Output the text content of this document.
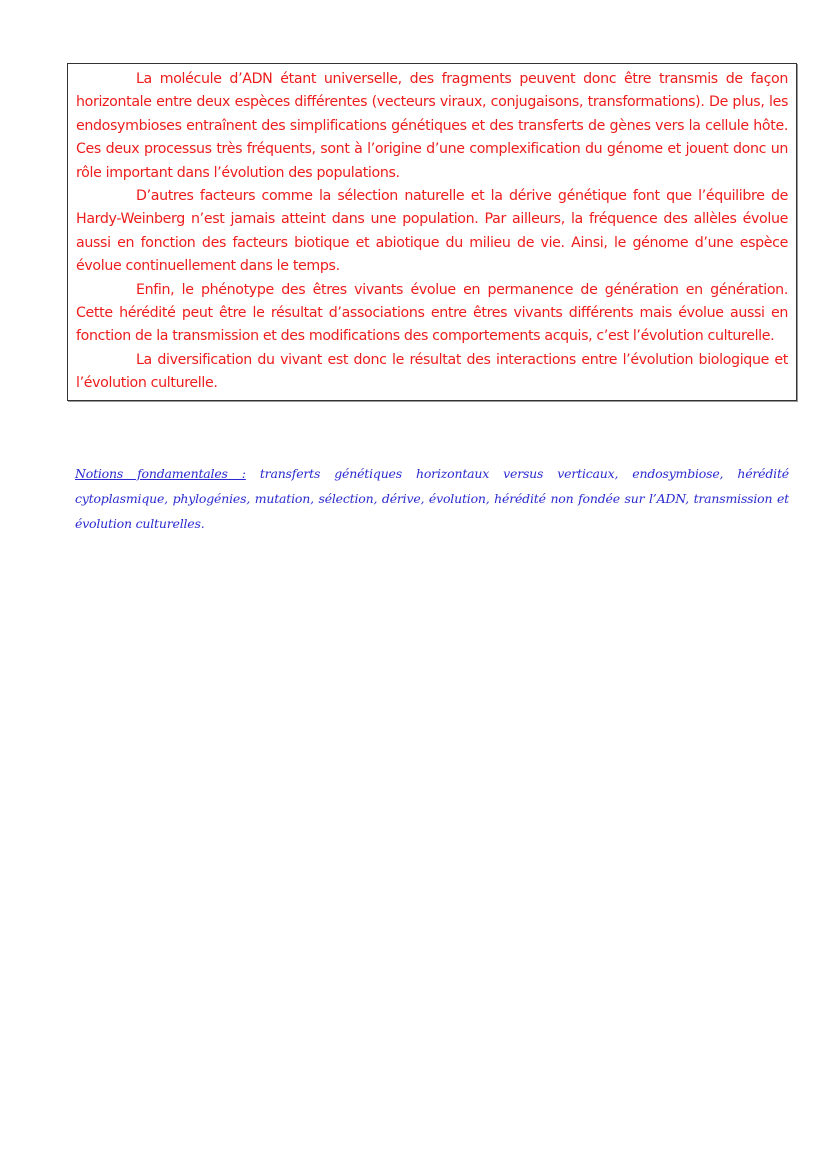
La molécule d’ADN étant universelle, des fragments peuvent donc être transmis de façon horizontale entre deux espèces différentes (vecteurs viraux, conjugaisons, transformations). De plus, les endosymbioses entraînent des simplifications génétiques et des transferts de gènes vers la cellule hôte. Ces deux processus très fréquents, sont à l’origine d’une complexification du génome et jouent donc un rôle important dans l’évolution des populations.

D’autres facteurs comme la sélection naturelle et la dérive génétique font que l’équilibre de Hardy-Weinberg n’est jamais atteint dans une population. Par ailleurs, la fréquence des allèles évolue aussi en fonction des facteurs biotique et abiotique du milieu de vie. Ainsi, le génome d’une espèce évolue continuellement dans le temps.

Enfin, le phénotype des êtres vivants évolue en permanence de génération en génération. Cette hérédité peut être le résultat d’associations entre êtres vivants différents mais évolue aussi en fonction de la transmission et des modifications des comportements acquis, c’est l’évolution culturelle.

La diversification du vivant est donc le résultat des interactions entre l’évolution biologique et l’évolution culturelle.

Notions fondamentales : transferts génétiques horizontaux versus verticaux, endosymbiose, hérédité cytoplasmique, phylogénies, mutation, sélection, dérive, évolution, hérédité non fondée sur l’ADN, transmission et évolution culturelles.
